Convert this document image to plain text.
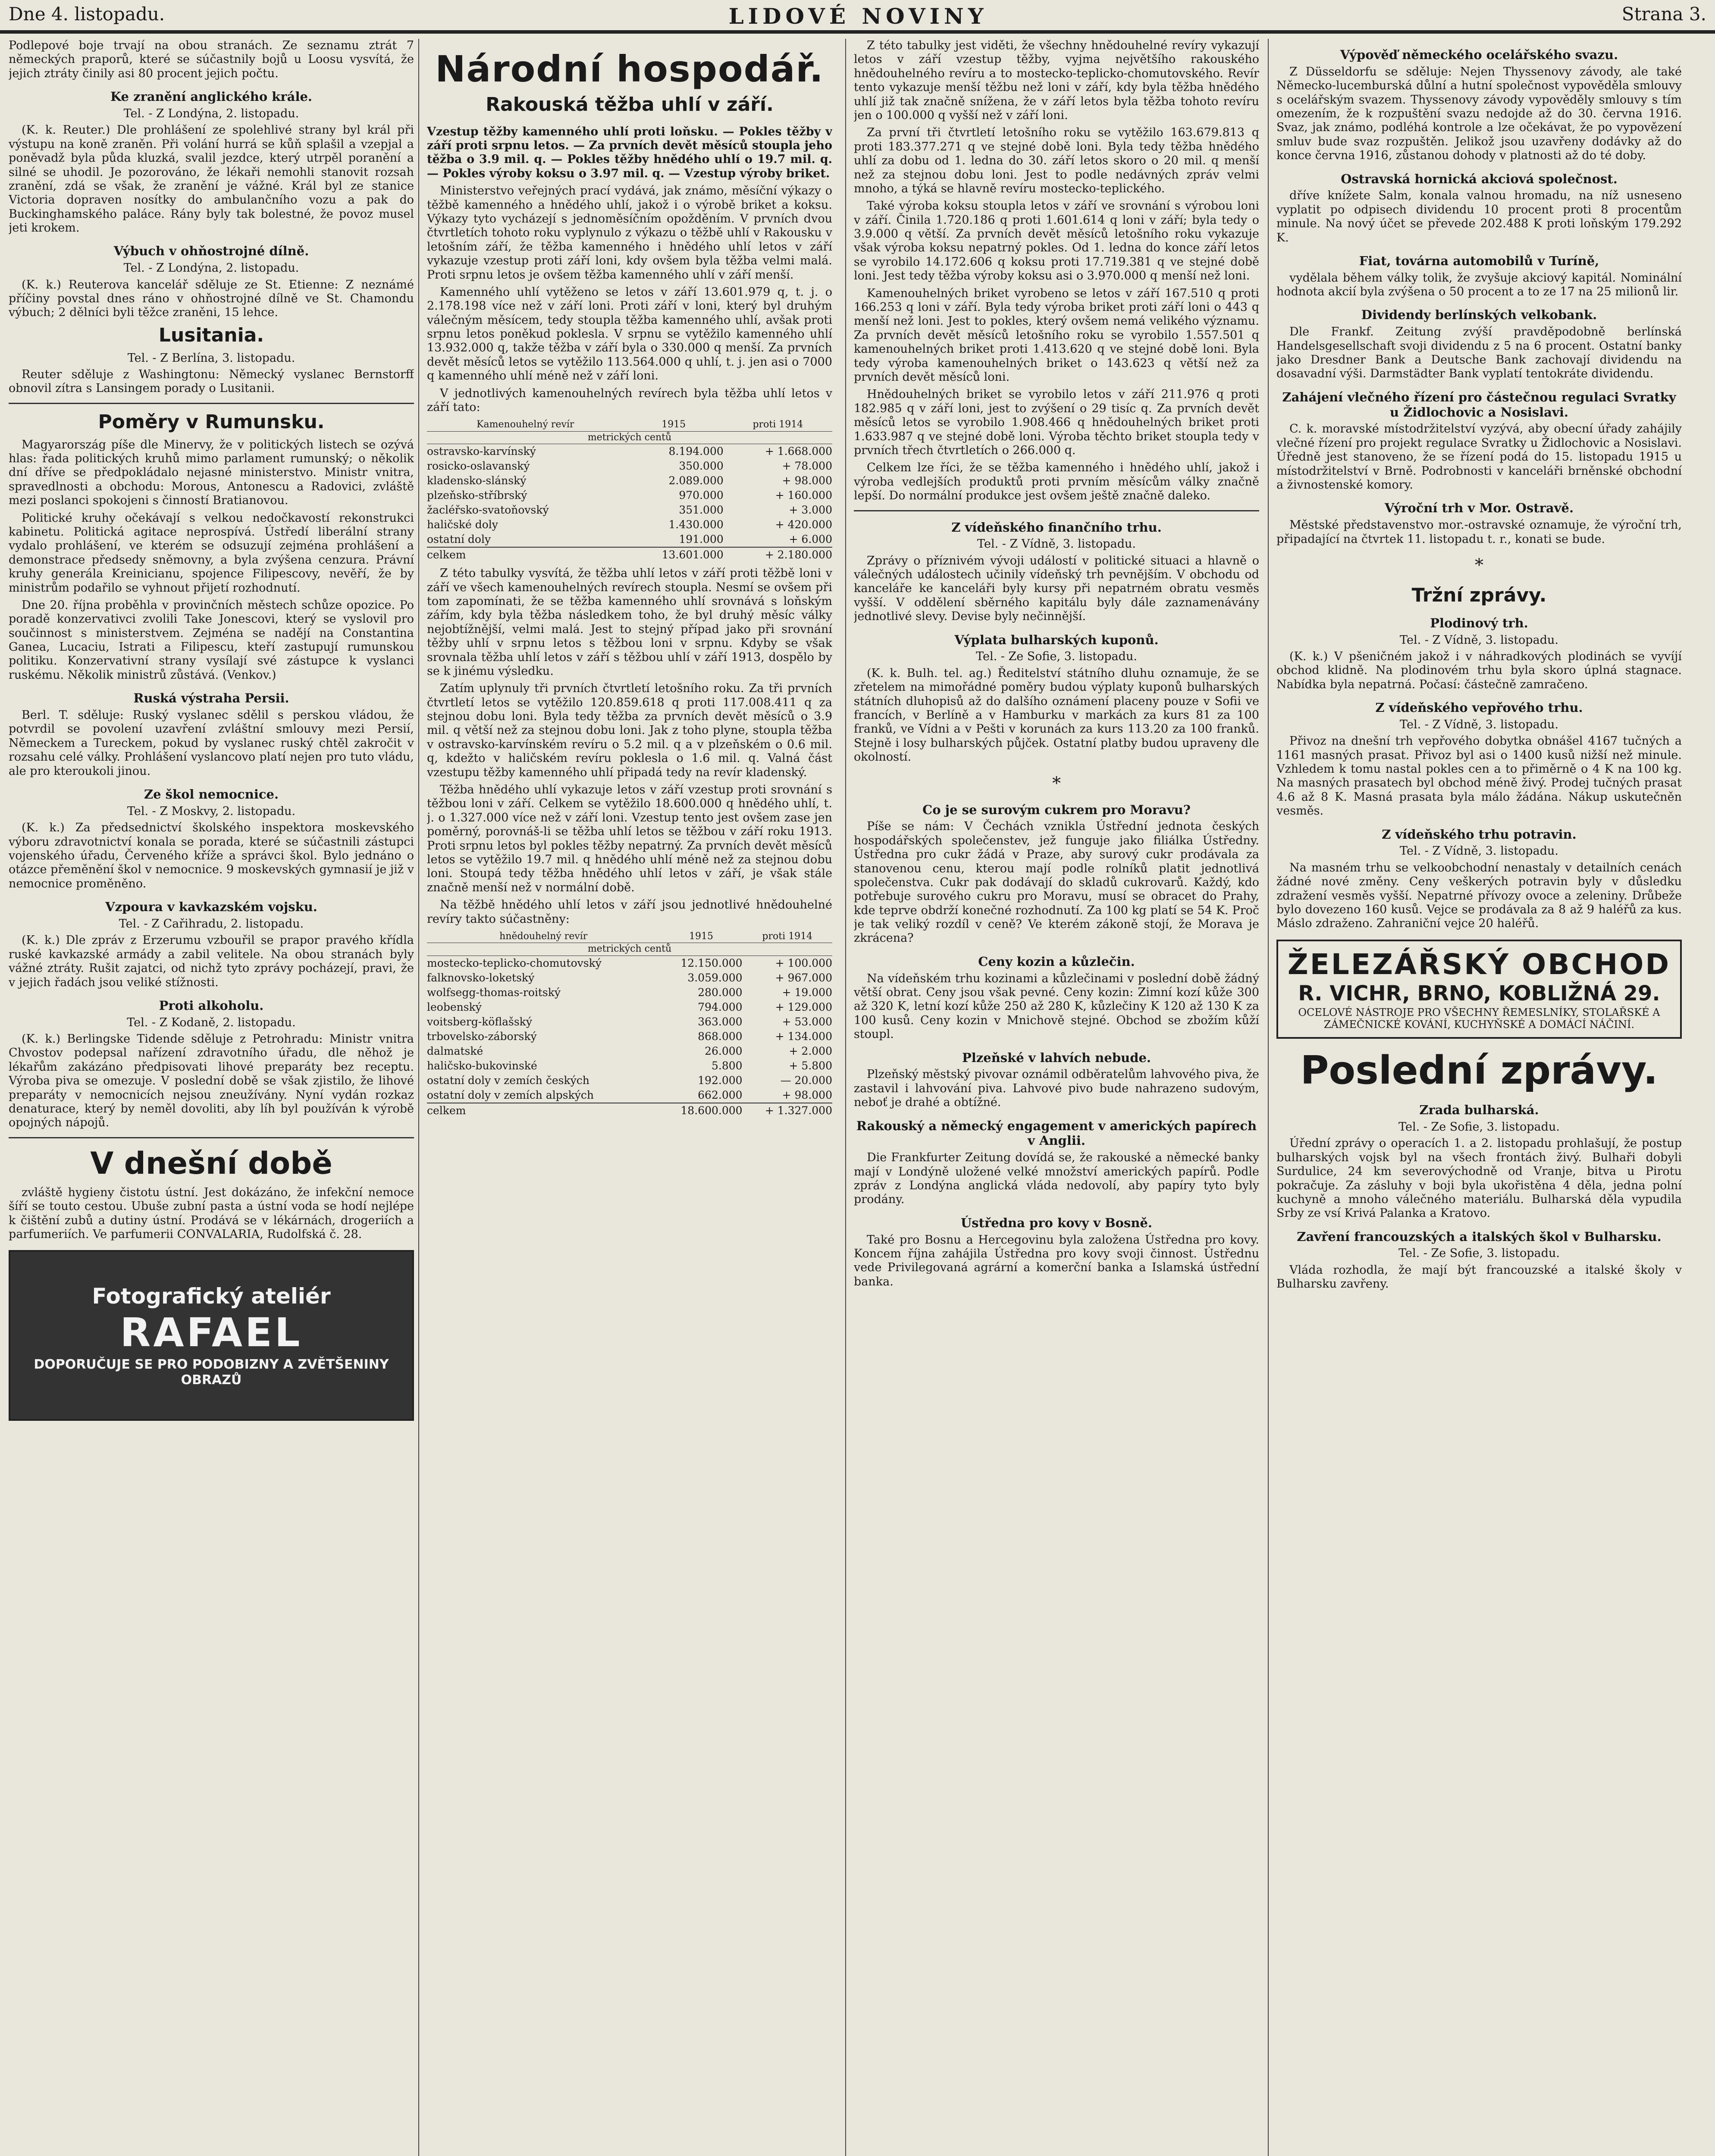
Dne 4. listopadu.	LIDOVÉ NOVINY	Strana 3.

Podlepové boje trvají na obou stranách. Ze seznamu ztrát 7 německých praporů, které se súčastnily bojů u Loosu vysvítá, že jejich ztráty činily asi 80 procent jejich počtu.

Ke zranění anglického krále.
Tel. - Z Londýna, 2. listopadu.

(K. k. Reuter.) Dle prohlášení ze spolehlivé strany byl král při výstupu na koně zraněn. Při volání hurrá se kůň splašil a vzepjal a poněvadž byla půda kluzká, svalil jezdce, který utrpěl poranění a silné se uhodil. Je pozorováno, že lékaři nemohli stanovit rozsah zranění, zdá se však, že zranění je vážné. Král byl ze stanice Victoria dopraven nosítky do ambulančního vozu a pak do Buckinghamského paláce. Rány byly tak bolestné, že povoz musel jeti krokem.

Výbuch v ohňostrojné dílně.
Tel. - Z Londýna, 2. listopadu.

(K. k.) Reuterova kancelář sděluje ze St. Etienne: Z neznámé příčiny povstal dnes ráno v ohňostrojné dílně ve St. Chamondu výbuch; 2 dělníci byli těžce zraněni, 15 lehce.

Lusitania.
Tel. - Z Berlína, 3. listopadu.

Reuter sděluje z Washingtonu: Německý vyslanec Bernstorff obnovil zítra s Lansingem porady o Lusitanii.

Poměry v Rumunsku.

Magyarország píše dle Minervy, že v politických listech se ozývá hlas: řada politických kruhů mimo parlament rumunský; o několik dní dříve se předpokládalo nejasné ministerstvo. Ministr vnitra, spravedlnosti a obchodu: Morous, Antonescu a Radovici, zvláště mezi poslanci spokojeni s činností Bratianovou.

Politické kruhy očekávají s velkou nedočkavostí rekonstrukci kabinetu. Politická agitace neprospívá. Ústředí liberální strany vydalo prohlášení, ve kterém se odsuzují zejména prohlášení a demonstrace předsedy sněmovny, a byla zvýšena cenzura. Právní kruhy generála Kreinicianu, spojence Filipescovy, nevěří, že by ministrům podařilo se vyhnout přijetí rozhodnutí.

Dne 20. října proběhla v provinčních městech schůze opozice. Po poradě konzervativci zvolili Take Jonescovi, který se vyslovil pro součinnost s ministerstvem. Zejména se nadějí na Constantina Ganea, Lucaciu, Istrati a Filipescu, kteří zastupují rumunskou politiku. Konzervativní strany vysílají své zástupce k vyslanci ruskému. Několik ministrů zůstává. (Venkov.)

Ruská výstraha Persii.

Berl. T. sděluje: Ruský vyslanec sdělil s perskou vládou, že potvrdil se povolení uzavření zvláštní smlouvy mezi Persií, Německem a Tureckem, pokud by vyslanec ruský chtěl zakročit v rozsahu celé války. Prohlášení vyslancovo platí nejen pro tuto vládu, ale pro kteroukoli jinou.

Ze škol nemocnice.
Tel. - Z Moskvy, 2. listopadu.

(K. k.) Za předsednictví školského inspektora moskevského výboru zdravotnictví konala se porada, které se súčastnili zástupci vojenského úřadu, Červeného kříže a správci škol. Bylo jednáno o otázce přeměnění škol v nemocnice. 9 moskevských gymnasií je již v nemocnice proměněno.

Vzpoura v kavkazském vojsku.
Tel. - Z Cařihradu, 2. listopadu.

(K. k.) Dle zpráv z Erzerumu vzbouřil se prapor pravého křídla ruské kavkazské armády a zabil velitele. Na obou stranách byly vážné ztráty. Rušit zajatci, od nichž tyto zprávy pocházejí, pravi, že v jejich řadách jsou veliké stížnosti.

Proti alkoholu.
Tel. - Z Kodaně, 2. listopadu.

(K. k.) Berlingske Tidende sděluje z Petrohradu: Ministr vnitra Chvostov podepsal nařízení zdravotního úřadu, dle něhož je lékařům zakázáno předpisovati lihové preparáty bez receptu. Výroba piva se omezuje. V poslední době se však zjistilo, že lihové preparáty v nemocnicích nejsou zneužívány. Nyní vydán rozkaz denaturace, který by neměl dovoliti, aby líh byl používán k výrobě opojných nápojů.

V dnešní době

zvláště hygieny čistotu ústní. Jest dokázáno, že infekční nemoce šíří se touto cestou. Ubuše zubní pasta a ústní voda se hodí nejlépe k čištění zubů a dutiny ústní. Prodává se v lékárnách, drogeriích a parfumeriích. Ve parfumerii CONVALARIA, Rudolfská č. 28.

Fotografický ateliér
RAFAEL
DOPORUČUJE SE PRO PODOBIZNY A ZVĚTŠENINY OBRAZŮ
Národní hospodář.
Rakouská těžba uhlí v září.

Vzestup těžby kamenného uhlí proti loňsku. — Pokles těžby v září proti srpnu letos. — Za prvních devět měsíců stoupla jeho těžba o 3.9 mil. q. — Pokles těžby hnědého uhlí o 19.7 mil. q. — Pokles výroby koksu o 3.97 mil. q. — Vzestup výroby briket.

Ministerstvo veřejných prací vydává, jak známo, měsíční výkazy o těžbě kamenného a hnědého uhlí, jakož i o výrobě briket a koksu. Výkazy tyto vycházejí s jednoměsíčním opožděním. V prvních dvou čtvrtletích tohoto roku vyplynulo z výkazu o těžbě uhlí v Rakousku v letošním září, že těžba kamenného i hnědého uhlí letos v září vykazuje vzestup proti září loni, kdy ovšem byla těžba velmi malá. Proti srpnu letos je ovšem těžba kamenného uhlí v září menší.

Kamenného uhlí vytěženo se letos v září 13.601.979 q, t. j. o 2.178.198 více než v září loni. Proti září v loni, který byl druhým válečným měsícem, tedy stoupla těžba kamenného uhlí, avšak proti srpnu letos poněkud poklesla. V srpnu se vytěžilo kamenného uhlí 13.932.000 q, takže těžba v září byla o 330.000 q menší. Za prvních devět měsíců letos se vytěžilo 113.564.000 q uhlí, t. j. jen asi o 7000 q kamenného uhlí méně než v září loni.

V jednotlivých kamenouhelných revírech byla těžba uhlí letos v září tato:

Kamenouhelný revír	1915	proti 1914
metrických centů		
ostravsko-karvínský	8.194.000	+ 1.668.000
rosicko-oslavanský	350.000	+ 78.000
kladensko-slánský	2.089.000	+ 98.000
plzeňsko-stříbrský	970.000	+ 160.000
žacléřsko-svatoňovský	351.000	+ 3.000
haličské doly	1.430.000	+ 420.000
ostatní doly	191.000	+ 6.000
celkem	13.601.000	+ 2.180.000

Z této tabulky vysvítá, že těžba uhlí letos v září proti těžbě loni v září ve všech kamenouhelných revírech stoupla. Nesmí se ovšem při tom zapomínati, že se těžba kamenného uhlí srovnává s loňským zářím, kdy byla těžba následkem toho, že byl druhý měsíc války nejobtížnější, velmi malá. Jest to stejný případ jako při srovnání těžby uhlí v srpnu letos s těžbou loni v srpnu. Kdyby se však srovnala těžba uhlí letos v září s těžbou uhlí v září 1913, dospělo by se k jinému výsledku.

Zatím uplynuly tři prvních čtvrtletí letošního roku. Za tři prvních čtvrtletí letos se vytěžilo 120.859.618 q proti 117.008.411 q za stejnou dobu loni. Byla tedy těžba za prvních devět měsíců o 3.9 mil. q větší než za stejnou dobu loni. Jak z toho plyne, stoupla těžba v ostravsko-karvínském revíru o 5.2 mil. q a v plzeňském o 0.6 mil. q, kdežto v haličském revíru poklesla o 1.6 mil. q. Valná část vzestupu těžby kamenného uhlí připadá tedy na revír kladenský.

Těžba hnědého uhlí vykazuje letos v září vzestup proti srovnání s těžbou loni v září. Celkem se vytěžilo 18.600.000 q hnědého uhlí, t. j. o 1.327.000 více než v září loni. Vzestup tento jest ovšem zase jen poměrný, porovnáš-li se těžba uhlí letos se těžbou v září roku 1913. Proti srpnu letos byl pokles těžby nepatrný. Za prvních devět měsíců letos se vytěžilo 19.7 mil. q hnědého uhlí méně než za stejnou dobu loni. Stoupá tedy těžba hnědého uhlí letos v září, je však stále značně menší než v normální době.

Na těžbě hnědého uhlí letos v září jsou jednotlivé hnědouhelné revíry takto súčastněny:

hnědouhelný revír	1915	proti 1914
metrických centů		
mostecko-teplicko-chomutovský	12.150.000	+ 100.000
falknovsko-loketský	3.059.000	+ 967.000
wolfsegg-thomas-roitský	280.000	+ 19.000
leobenský	794.000	+ 129.000
voitsberg-köflašský	363.000	+ 53.000
trbovelsko-záborský	868.000	+ 134.000
dalmatské	26.000	+ 2.000
haličsko-bukovinské	5.800	+ 5.800
ostatní doly v zemích českých	192.000	— 20.000
ostatní doly v zemích alpských	662.000	+ 98.000
celkem	18.600.000	+ 1.327.000

Z této tabulky jest viděti, že všechny hnědouhelné revíry vykazují letos v září vzestup těžby, vyjma největšího rakouského hnědouhelného revíru a to mostecko-teplicko-chomutovského. Revír tento vykazuje menší těžbu než loni v září, kdy byla těžba hnědého uhlí již tak značně snížena, že v září letos byla těžba tohoto revíru jen o 100.000 q vyšší než v září loni.

Za první tři čtvrtletí letošního roku se vytěžilo 163.679.813 q proti 183.377.271 q ve stejné době loni. Byla tedy těžba hnědého uhlí za dobu od 1. ledna do 30. září letos skoro o 20 mil. q menší než za stejnou dobu loni. Jest to podle nedávných zpráv velmi mnoho, a týká se hlavně revíru mostecko-teplického.

Také výroba koksu stoupla letos v září ve srovnání s výrobou loni v září. Činila 1.720.186 q proti 1.601.614 q loni v září; byla tedy o 3.9.000 q větší. Za prvních devět měsíců letošního roku vykazuje však výroba koksu nepatrný pokles. Od 1. ledna do konce září letos se vyrobilo 14.172.606 q koksu proti 17.719.381 q ve stejné době loni. Jest tedy těžba výroby koksu asi o 3.970.000 q menší než loni.

Kamenouhelných briket vyrobeno se letos v září 167.510 q proti 166.253 q loni v září. Byla tedy výroba briket proti září loni o 443 q menší než loni. Jest to pokles, který ovšem nemá velikého významu. Za prvních devět měsíců letošního roku se vyrobilo 1.557.501 q kamenouhelných briket proti 1.413.620 q ve stejné době loni. Byla tedy výroba kamenouhelných briket o 143.623 q větší než za prvních devět měsíců loni.

Hnědouhelných briket se vyrobilo letos v září 211.976 q proti 182.985 q v září loni, jest to zvýšení o 29 tisíc q. Za prvních devět měsíců letos se vyrobilo 1.908.466 q hnědouhelných briket proti 1.633.987 q ve stejné době loni. Výroba těchto briket stoupla tedy v prvních třech čtvrtletích o 266.000 q.

Celkem lze říci, že se těžba kamenného i hnědého uhlí, jakož i výroba vedlejších produktů proti prvním měsícům války značně lepší. Do normální produkce jest ovšem ještě značně daleko.

Z vídeňského finančního trhu.
Tel. - Z Vídně, 3. listopadu.

Zprávy o příznivém vývoji událostí v politické situaci a hlavně o válečných událostech učinily vídeňský trh pevnějším. V obchodu od kanceláře ke kanceláři byly kursy při nepatrném obratu vesměs vyšší. V oddělení sběrného kapitálu byly dále zaznamenávány jednotlivé slevy. Devise byly nečinnější.

Výplata bulharských kuponů.
Tel. - Ze Sofie, 3. listopadu.

(K. k. Bulh. tel. ag.) Ředitelství státního dluhu oznamuje, že se zřetelem na mimořádné poměry budou výplaty kuponů bulharských státních dluhopisů až do dalšího oznámení placeny pouze v Sofii ve francích, v Berlíně a v Hamburku v markách za kurs 81 za 100 franků, ve Vídni a v Pešti v korunách za kurs 113.20 za 100 franků. Stejně i losy bulharských půjček. Ostatní platby budou upraveny dle okolností.

*
Co je se surovým cukrem pro Moravu?

Píše se nám: V Čechách vznikla Ústřední jednota českých hospodářských společenstev, jež funguje jako filiálka Ústředny. Ústředna pro cukr žádá v Praze, aby surový cukr prodávala za stanovenou cenu, kterou mají podle rolníků platit jednotlivá společenstva. Cukr pak dodávají do skladů cukrovarů. Každý, kdo potřebuje surového cukru pro Moravu, musí se obracet do Prahy, kde teprve obdrží konečné rozhodnutí. Za 100 kg platí se 54 K. Proč je tak veliký rozdíl v ceně? Ve kterém zákoně stojí, že Morava je zkrácena?

Ceny kozin a kůzlečin.

Na vídeňském trhu kozinami a kůzlečinami v poslední době žádný větší obrat. Ceny jsou však pevné. Ceny kozin: Zimní kozí kůže 300 až 320 K, letní kozí kůže 250 až 280 K, kůzlečiny K 120 až 130 K za 100 kusů. Ceny kozin v Mnichově stejné. Obchod se zbožím kůží stoupl.

Plzeňské v lahvích nebude.

Plzeňský městský pivovar oznámil odběratelům lahvového piva, že zastavil i lahvování piva. Lahvové pivo bude nahrazeno sudovým, neboť je drahé a obtížné.

Rakouský a německý engagement v amerických papírech v Anglii.

Die Frankfurter Zeitung dovídá se, že rakouské a německé banky mají v Londýně uložené velké množství amerických papírů. Podle zpráv z Londýna anglická vláda nedovolí, aby papíry tyto byly prodány.

Ústředna pro kovy v Bosně.

Také pro Bosnu a Hercegovinu byla založena Ústředna pro kovy. Koncem října zahájila Ústředna pro kovy svoji činnost. Ústřednu vede Privilegovaná agrární a komerční banka a Islamská ústřední banka.

Výpověď německého ocelářského svazu.

Z Düsseldorfu se sděluje: Nejen Thyssenovy závody, ale také Německo-lucemburská důlní a hutní společnost vypověděla smlouvy s ocelářským svazem. Thyssenovy závody vypověděly smlouvy s tím omezením, že k rozpuštění svazu nedojde až do 30. června 1916. Svaz, jak známo, podléhá kontrole a lze očekávat, že po vypovězení smluv bude svaz rozpuštěn. Jelikož jsou uzavřeny dodávky až do konce června 1916, zůstanou dohody v platnosti až do té doby.

Ostravská hornická akciová společnost.

dříve knížete Salm, konala valnou hromadu, na níž usneseno vyplatit po odpisech dividendu 10 procent proti 8 procentům minule. Na nový účet se převede 202.488 K proti loňským 179.292 K.

Fiat, továrna automobilů v Turíně,

vydělala během války tolik, že zvyšuje akciový kapitál. Nominální hodnota akcií byla zvýšena o 50 procent a to ze 17 na 25 milionů lir.

Dividendy berlínských velkobank.

Dle Frankf. Zeitung zvýší pravděpodobně berlínská Handelsgesellschaft svoji dividendu z 5 na 6 procent. Ostatní banky jako Dresdner Bank a Deutsche Bank zachovají dividendu na dosavadní výši. Darmstädter Bank vyplatí tentokráte dividendu.

Zahájení vlečného řízení pro částečnou regulaci Svratky u Židlochovic a Nosislavi.

C. k. moravské místodržitelství vyzývá, aby obecní úřady zahájily vlečné řízení pro projekt regulace Svratky u Židlochovic a Nosislavi. Úředně jest stanoveno, že se řízení podá do 15. listopadu 1915 u místodržitelství v Brně. Podrobnosti v kanceláři brněnské obchodní a živnostenské komory.

Výroční trh v Mor. Ostravě.

Městské představenstvo mor.-ostravské oznamuje, že výroční trh, připadající na čtvrtek 11. listopadu t. r., konati se bude.

*
Tržní zprávy.
Plodinový trh.
Tel. - Z Vídně, 3. listopadu.

(K. k.) V pšeničném jakož i v náhradkových plodinách se vyvíjí obchod klidně. Na plodinovém trhu byla skoro úplná stagnace. Nabídka byla nepatrná. Počasí: částečně zamračeno.

Z vídeňského vepřového trhu.
Tel. - Z Vídně, 3. listopadu.

Přivoz na dnešní trh vepřového dobytka obnášel 4167 tučných a 1161 masných prasat. Přivoz byl asi o 1400 kusů nižší než minule. Vzhledem k tomu nastal pokles cen a to přiměrně o 4 K na 100 kg. Na masných prasatech byl obchod méně živý. Prodej tučných prasat 4.6 až 8 K. Masná prasata byla málo žádána. Nákup uskutečněn vesměs.

Z vídeňského trhu potravin.
Tel. - Z Vídně, 3. listopadu.

Na masném trhu se velkoobchodní nenastaly v detailních cenách žádné nové změny. Ceny veškerých potravin byly v důsledku zdražení vesměs vyšší. Nepatrné přívozy ovoce a zeleniny. Drůbeže bylo dovezeno 160 kusů. Vejce se prodávala za 8 až 9 haléřů za kus. Máslo zdraženo. Zahraniční vejce 20 haléřů.

ŽELEZÁŘSKÝ OBCHOD
R. VICHR, BRNO, KOBLIŽNÁ 29.
OCELOVÉ NÁSTROJE PRO VŠECHNY ŘEMESLNÍKY, STOLAŘSKÉ A ZÁMEČNICKÉ KOVÁNÍ, KUCHYŇSKÉ A DOMÁCÍ NÁČINÍ.
Poslední zprávy.
Zrada bulharská.
Tel. - Ze Sofie, 3. listopadu.

Úřední zprávy o operacích 1. a 2. listopadu prohlašují, že postup bulharských vojsk byl na všech frontách živý. Bulhaři dobyli Surdulice, 24 km severovýchodně od Vranje, bitva u Pirotu pokračuje. Za zásluhy v boji byla ukořistěna 4 děla, jedna polní kuchyně a mnoho válečného materiálu. Bulharská děla vypudila Srby ze vsí Krivá Palanka a Kratovo.

Zavření francouzských a italských škol v Bulharsku.
Tel. - Ze Sofie, 3. listopadu.

Vláda rozhodla, že mají být francouzské a italské školy v Bulharsku zavřeny.
